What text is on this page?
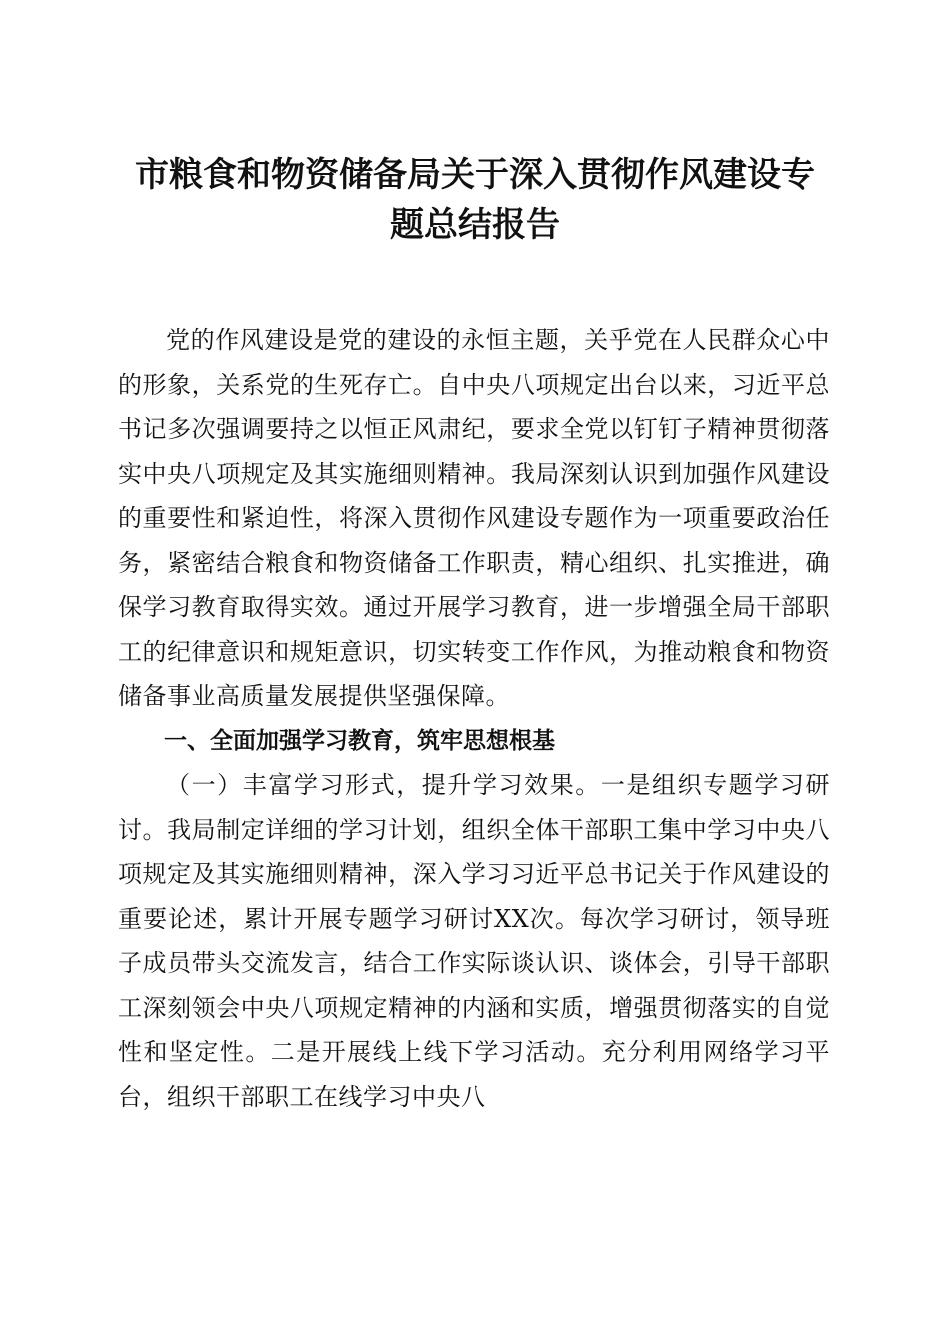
市粮食和物资储备局关于深入贯彻作风建设专
题总结报告

党的作风建设是党的建设的永恒主题，关乎党在人民群众心中的形象，关系党的生死存亡。自中央八项规定出台以来，习近平总书记多次强调要持之以恒正风肃纪，要求全党以钉钉子精神贯彻落实中央八项规定及其实施细则精神。我局深刻认识到加强作风建设的重要性和紧迫性，将深入贯彻作风建设专题作为一项重要政治任务，紧密结合粮食和物资储备工作职责，精心组织、扎实推进，确保学习教育取得实效。通过开展学习教育，进一步增强全局干部职工的纪律意识和规矩意识，切实转变工作作风，为推动粮食和物资储备事业高质量发展提供坚强保障。

一、全面加强学习教育，筑牢思想根基

（一）丰富学习形式，提升学习效果。一是组织专题学习研讨。我局制定详细的学习计划，组织全体干部职工集中学习中央八项规定及其实施细则精神，深入学习习近平总书记关于作风建设的重要论述，累计开展专题学习研讨XX次。每次学习研讨，领导班子成员带头交流发言，结合工作实际谈认识、谈体会，引导干部职工深刻领会中央八项规定精神的内涵和实质，增强贯彻落实的自觉性和坚定性。二是开展线上线下学习活动。充分利用网络学习平台，组织干部职工在线学习中央八
